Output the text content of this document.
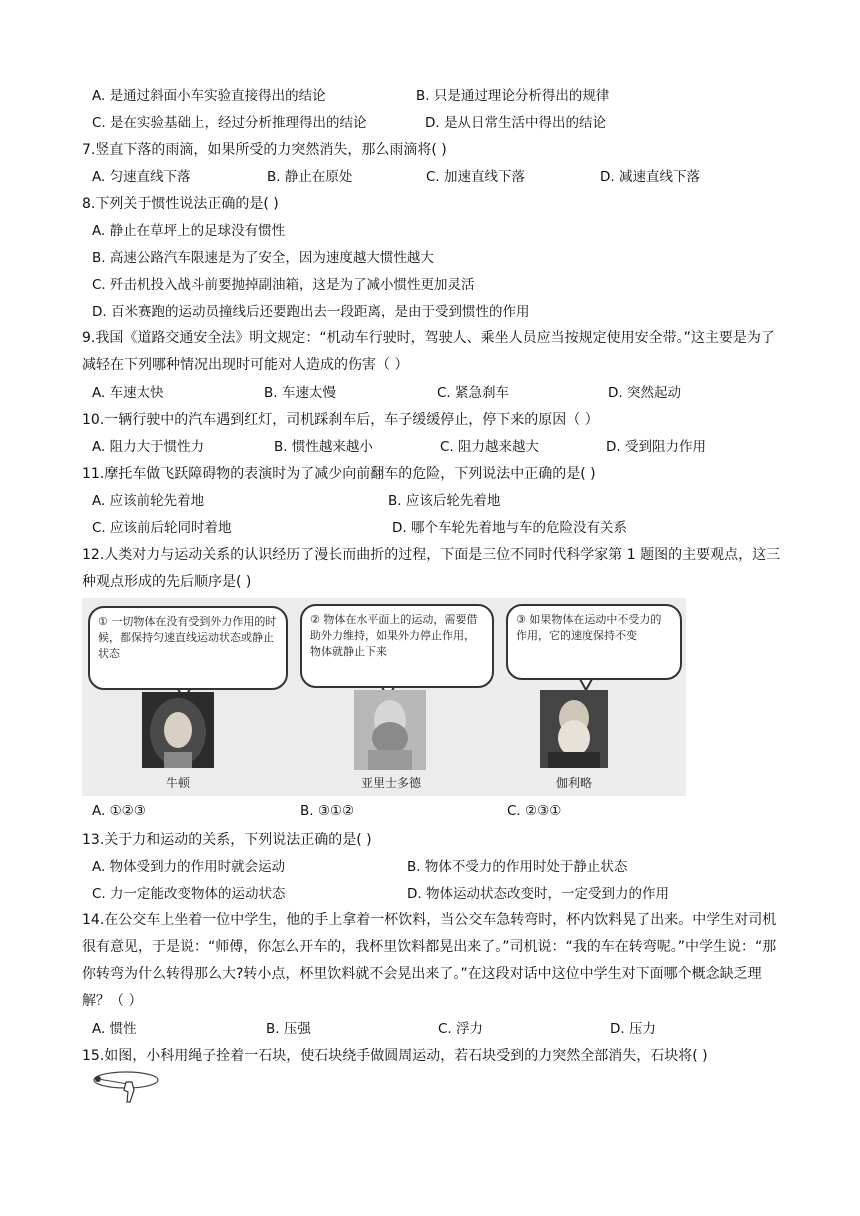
A. 是通过斜面小车实验直接得出的结论	B. 只是通过理论分析得出的规律
C. 是在实验基础上，经过分析推理得出的结论	D. 是从日常生活中得出的结论
7.竖直下落的雨滴，如果所受的力突然消失，那么雨滴将( )
A. 匀速直线下落	B. 静止在原处	C. 加速直线下落	D. 减速直线下落
8.下列关于惯性说法正确的是( )
A. 静止在草坪上的足球没有惯性
B. 高速公路汽车限速是为了安全，因为速度越大惯性越大
C. 歼击机投入战斗前要抛掉副油箱，这是为了减小惯性更加灵活
D. 百米赛跑的运动员撞线后还要跑出去一段距离，是由于受到惯性的作用
9.我国《道路交通安全法》明文规定：“机动车行驶时，驾驶人、乘坐人员应当按规定使用安全带。”这主要是为了减轻在下列哪种情况出现时可能对人造成的伤害（ ）
A. 车速太快	B. 车速太慢	C. 紧急刹车	D. 突然起动
10.一辆行驶中的汽车遇到红灯，司机踩刹车后，车子缓缓停止，停下来的原因（ ）
A. 阻力大于惯性力	B. 惯性越来越小	C. 阻力越来越大	D. 受到阻力作用
11.摩托车做飞跃障碍物的表演时为了减少向前翻车的危险，下列说法中正确的是( )
A. 应该前轮先着地	B. 应该后轮先着地
C. 应该前后轮同时着地	D. 哪个车轮先着地与车的危险没有关系
12.人类对力与运动关系的认识经历了漫长而曲折的过程，下面是三位不同时代科学家第 1 题图的主要观点，这三种观点形成的先后顺序是( )
① 一切物体在没有受到外力作用的时候，都保持匀速直线运动状态或静止状态
② 物体在水平面上的运动，需要借助外力维持，如果外力停止作用，物体就静止下来
③ 如果物体在运动中不受力的作用，它的速度保持不变
牛顿	亚里士多德	伽利略
A. ①②③	B. ③①②	C. ②③①
13.关于力和运动的关系，下列说法正确的是( )
A. 物体受到力的作用时就会运动	B. 物体不受力的作用时处于静止状态
C. 力一定能改变物体的运动状态	D. 物体运动状态改变时，一定受到力的作用
14.在公交车上坐着一位中学生，他的手上拿着一杯饮料，当公交车急转弯时，杯内饮料晃了出来。中学生对司机很有意见，于是说：“师傅，你怎么开车的，我杯里饮料都晃出来了。”司机说：“我的车在转弯呢。”中学生说：“那你转弯为什么转得那么大?转小点，杯里饮料就不会晃出来了。”在这段对话中这位中学生对下面哪个概念缺乏理解？（ ）
A. 惯性	B. 压强	C. 浮力	D. 压力
15.如图，小科用绳子拴着一石块，使石块绕手做圆周运动，若石块受到的力突然全部消失，石块将( )
